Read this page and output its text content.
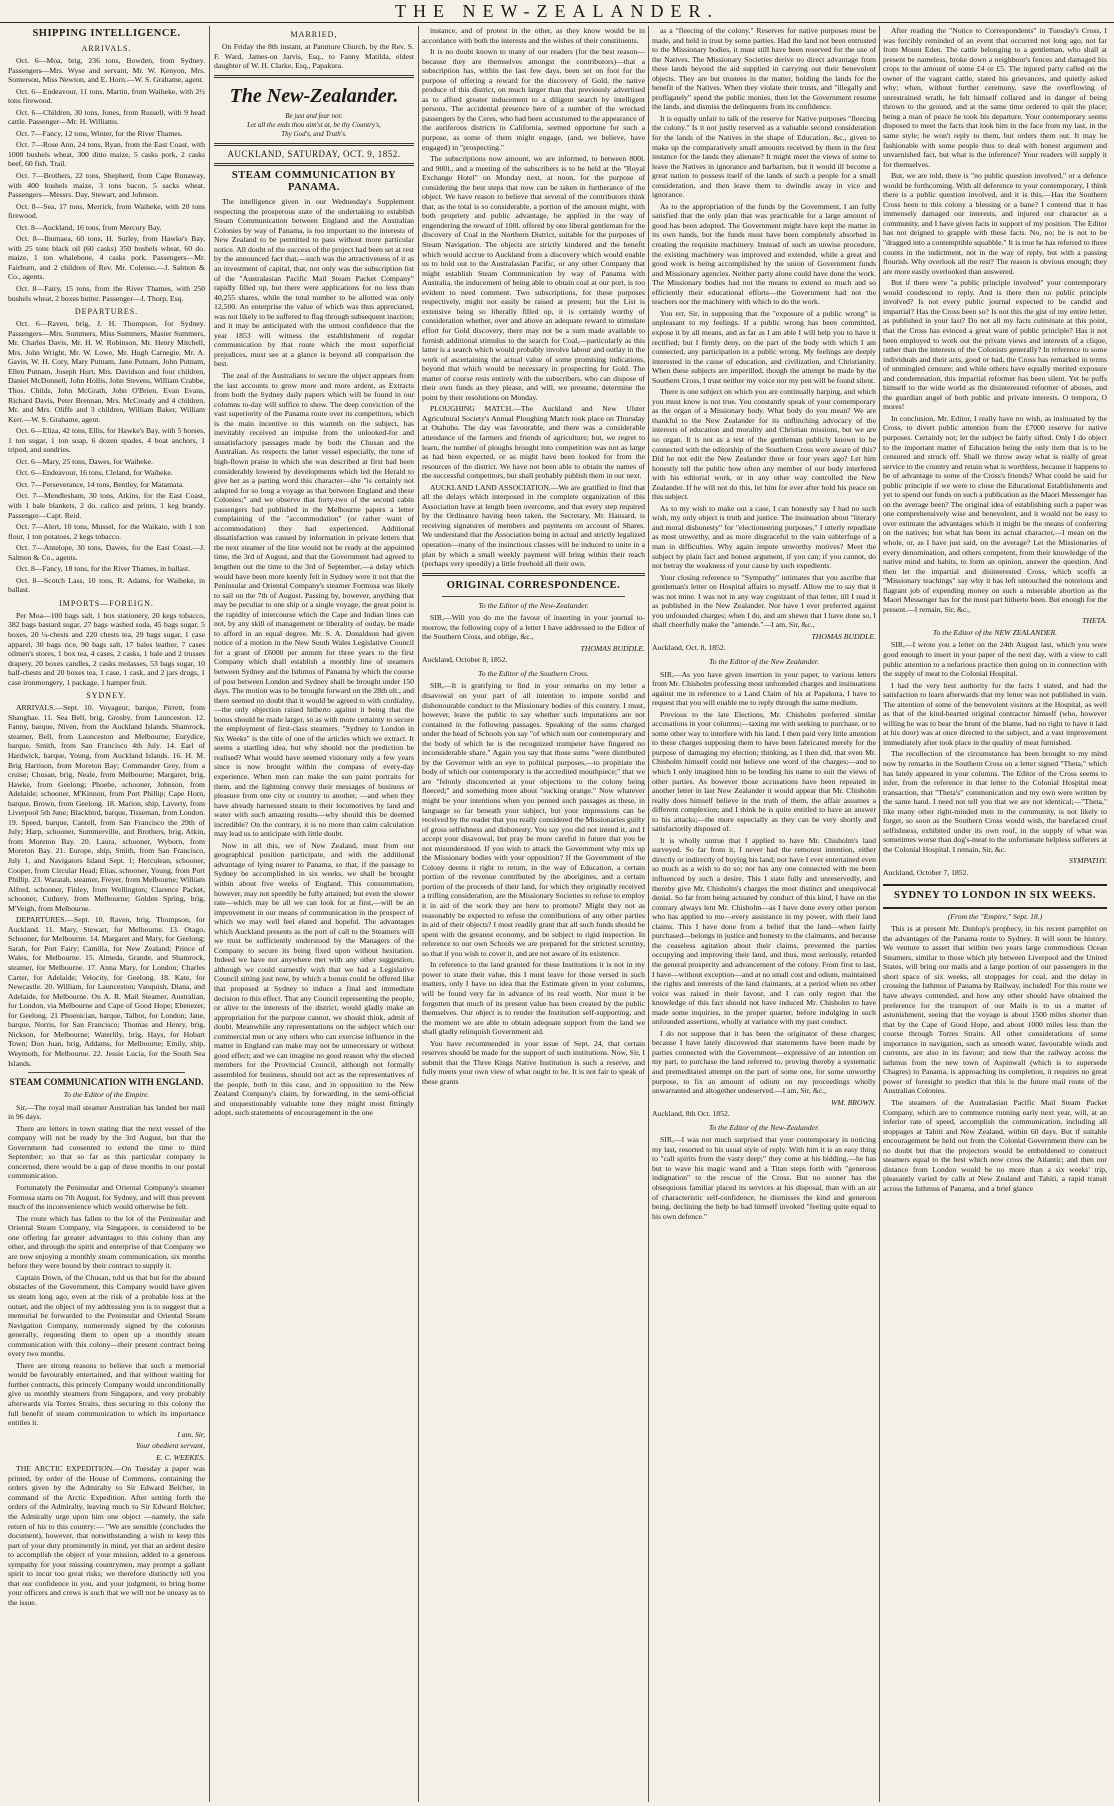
THE NEW-ZEALANDER.
SHIPPING INTELLIGENCE.
ARRIVALS.

Oct. 6—Moa, brig, 236 tons, Bowden, from Sydney. Passengers—Mrs. Wyse and servant, Mr. W. Kenyon, Mrs. Somerson, Miss Newton, and E. Horn.—W. S. Grahame, agent.

Oct. 6—Endeavour, 11 tons, Martin, from Waiheke, with 2½ tons firewood.

Oct. 6—Children, 30 tons, Jones, from Russell, with 9 head cattle. Passenger—Mr. H. Williams.

Oct. 7—Fancy, 12 tons, Winter, for the River Thames.

Oct. 7—Rose Ann, 24 tons, Ryan, from the East Coast, with 1000 bushels wheat, 300 ditto maize, 5 casks pork, 2 casks beef, 60 fish. Trail.

Oct. 7—Brothers, 22 tons, Shepherd, from Cape Runaway, with 400 bushels maize, 3 tons bacon, 5 sacks wheat. Passengers—Messrs. Day, Stewart, and Johnson.

Oct. 8—Sea, 17 tons, Merrick, from Waiheke, with 20 tons firewood.

Oct. 8—Auckland, 16 tons, from Mercury Bay.

Oct. 8—Ihumaea, 60 tons, H. Surley, from Hawke's Bay, with 25 tons black oil (60 casks) 350 bushels wheat, 60 do. maize, 1 ton whalebone, 4 casks pork. Passengers—Mr. Fairburn, and 2 children of Rev. Mr. Colenso.—J. Salmon & Co., agents.

Oct. 8—Fairy, 15 tons, from the River Thames, with 250 bushels wheat, 2 boxes butter. Passenger—J. Thorp, Esq.

DEPARTURES.

Oct. 6—Raven, brig, J. H. Thompson, for Sydney. Passengers—Mrs. Summers, Miss Summers, Master Summers, Mr. Charles Davis, Mr. H. W. Robinson, Mr. Henry Mitchell, Mrs. John Wright, Mr. W. Lowe, Mr. Hugh Carnegie, Mr. A. Gavin, W. H. Cory, Mary Putnam, Jane Putnam, John Putnam, Ellen Putnam, Joseph Hurt, Mrs. Davidson and four children, Daniel McDonnell, John Hollis, John Stevens, William Crabbe, Thos. Childs, John McGrath, John O'Brien, Evan Evans, Richard Davis, Peter Brennan, Mrs. McCready and 4 children, Mr. and Mrs. Oliffe and 3 children, William Baker, William Kerr.—W. S. Grahame, agent.

Oct. 6—Eliza, 42 tons, Ellis, for Hawke's Bay, with 5 horses, 1 ton sugar, 1 ton soap, 6 dozen spades, 4 boat anchors, 1 tripod, and sundries.

Oct. 6—Mary, 25 tons, Dawes, for Waiheke.

Oct. 6—Endeavour, 16 tons, Cleland, for Waiheke.

Oct. 7—Perseverance, 14 tons, Bentley, for Matamata.

Oct. 7—Mendlesham, 30 tons, Atkins, for the East Coast, with 1 bale blankets, 2 do. calico and prints, 1 keg brandy. Passenger—Capt. Reid.

Oct. 7—Alert, 10 tons, Mussel, for the Waikato, with 1 ton flour, 1 ton potatoes, 2 kegs tobacco.

Oct. 7—Antelope, 30 tons, Dawes, for the East Coast.—J. Salmon & Co., agents.

Oct. 8—Fancy, 18 tons, for the River Thames, in ballast.

Oct. 8—Scotch Lass, 10 tons, R. Adams, for Waiheke, in ballast.

IMPORTS—FOREIGN.

Per Moa—100 bags salt, 1 box stationery, 20 kegs tobacco, 382 bags bastard sugar, 27 bags washed soda, 45 bags sugar, 5 boxes, 20 ¼-chests and 220 chests tea, 29 bags sugar, 1 case apparel, 30 bags rice, 90 bags salt, 17 bales leather, 7 cases oilmen's stores, 1 box tea, 4 cases, 2 casks, 1 bale and 2 trusses drapery, 20 boxes candles, 2 casks molasses, 53 bags sugar, 10 half-chests and 20 boxes tea, 1 case, 1 cask, and 2 jars drugs, 1 case ironmongery, 1 package, 1 hamper fruit.

SYDNEY.

ARRIVALS.—Sept. 10. Voyageur, barque, Pirrett, from Shanghae. 11. Sea Bell, brig, Grosby, from Launceston. 12. Fanny, barque, Niven, from the Auckland Islands. Shamrock, steamer, Bell, from Launceston and Melbourne; Eurydice, barque, Smith, from San Francisco 4th July. 14. Earl of Hardwick, barque, Young, from Auckland Islands. 16. H. M. Brig Harrison, from Moreton Bay; Commander Grey, from a cruise; Chusan, brig, Neale, from Melbourne; Margaret, brig, Hawke, from Geelong; Phoebe, schooner, Johnson, from Adelaide; schooner, M'Kinnon, from Port Phillip; Cape Horn, barque, Brown, from Geelong. 18. Marion, ship, Laverty, from Liverpool 5th June; Blackbird, barque, Tisseman, from London. 19. Speed, barque, Cantell, from San Francisco the 29th of July; Harp, schooner, Summerville, and Brothers, brig, Atkin, from Moreton Bay. 20. Laura, schooner, Wyborn, from Moreton Bay. 21. Europe, ship, Smith, from San Francisco, July 1, and Navigators Island Sept. 1; Herculean, schooner, Cooper, from Circular Head; Elias, schooner, Young, from Port Phillip. 23. Waratah, steamer, Freyer, from Melbourne; William Alfred, schooner, Finley, from Wellington; Clarence Packet, schooner, Cuthery, from Melbourne; Golden Spring, brig, M'Veigh, from Melbourne.

DEPARTURES.—Sept. 10. Raven, brig, Thompson, for Auckland. 11. Mary, Stewart, for Melbourne. 13. Otago, Schooner, for Melbourne. 14. Margaret and Mary, for Geelong; Sarah, for Port Fairy; Camilla, for New Zealand; Prince of Wales, for Melbourne. 15. Almeda, Grande, and Shamrock, steamer, for Melbourne. 17. Anna Mary, for London; Charles Carter, for Adelaide; Velocity, for Geelong. 18. Kate, for Newcastle. 20. William, for Launceston; Vanquish, Diana, and Adelaide, for Melbourne. On A. R. Mail Steamer, Australian, for London, via Melbourne and Cape of Good Hope; Ebenezer, for Geelong. 21 Phoenician, barque, Talbot, for London; Jane, barque, Norris, for San Francisco; Thomas and Henry, brig, Nickson, for Melbourne; Waterlily, brig, Hays, for Hobart Town; Don Juan, brig, Addams, for Melbourne; Emily, ship, Weymoth, for Melbourne. 22. Jessie Lucia, for the South Sea Islands.

STEAM COMMUNICATION WITH ENGLAND.
To the Editor of the Empire.

Sir,—The royal mail steamer Australian has landed her mail in 96 days.

There are letters in town stating that the next vessel of the company will not be ready by the 3rd August, but that the Government had consented to extend the time to third September; so that so far as this particular company is concerned, there would be a gap of three months in our postal communication.

Fortunately the Peninsular and Oriental Company's steamer Formosa starts on 7th August, for Sydney, and will thus prevent much of the inconvenience which would otherwise be felt.

The route which has fallen to the lot of the Peninsular and Oriental Steam Company, via Singapore, is considered to be one offering far greater advantages to this colony than any other, and through the spirit and enterprise of that Company we are now enjoying a monthly steam communication, six months before they were bound by their contract to supply it.

Captain Down, of the Chusan, told us that but for the absurd obstacles of the Government, this Company would have given us steam long ago, even at the risk of a probable loss at the outset, and the object of my addressing you is to suggest that a memorial be forwarded to the Peninsular and Oriental Steam Navigation Company, numerously signed by the colonists generally, requesting them to open up a monthly steam communication with this colony—their present contract being every two months.

There are strong reasons to believe that such a memorial would be favourably entertained, and that without waiting for further contracts, this princely Company would unconditionally give us monthly steamers from Singapore, and very probably afterwards via Torres Straits, thus securing to this colony the full benefit of steam communication to which its importance entitles it.

I am, Sir,
Your obedient servant,
E. C. WEEKES.

THE ARCTIC EXPEDITION.—On Tuesday a paper was printed, by order of the House of Commons, containing the orders given by the Admiralty to Sir Edward Belcher, in command of the Arctic Expedition. After setting forth the orders of the Admiralty, leaving much to Sir Edward Belcher, the Admiralty urge upon him one object —namely, the safe return of his to this country:— "We are sensible (concludes the document), however, that notwithstanding a wish to keep this part of your duty prominently in mind, yet that an ardent desire to accomplish the object of your mission, added to a generous sympathy for your missing countrymen, may prompt a gallant spirit to incur too great risks; we therefore distinctly tell you that our confidence in you, and your judgment, to bring home your officers and crews is such that we will not be uneasy as to the issue.

MARRIED,

On Friday the 8th instant, at Panmure Church, by the Rev. S. F. Ward, James-on Jarvis, Esq., to Fanny Matilda, eldest daughter of W. H. Clarke, Esq., Papakura.

The New-Zealander.
Be just and fear not:
Let all the ends thou aim'st at, be thy Country's,
Thy God's, and Truth's.
AUCKLAND, SATURDAY, OCT. 9, 1852.
STEAM COMMUNICATION BY PANAMA.

The intelligence given in our Wednesday's Supplement respecting the prosperous state of the undertaking to establish Steam Communication between England and the Australian Colonies by way of Panama, is too important to the interests of New Zealand to be permitted to pass without more particular notice. All doubt of the success of the project had been set at rest by the announced fact that,—such was the attractiveness of it as an investment of capital, that, not only was the subscription list of the "Australasian Pacific Mail Steam Packet Company" rapidly filled up, but there were applications for no less than 40,255 shares, while the total number to be allotted was only 12,500. An enterprise the value of which was thus appreciated, was not likely to be suffered to flag through subsequent inaction; and it may be anticipated with the utmost confidence that the year 1853 will witness the establishment of regular communication by that route which the most superficial prejudices, must see at a glance is beyond all comparison the best.

The zeal of the Australians to secure the object appears from the last accounts to grow more and more ardent, as Extracts from both the Sydney daily papers which will be found in our columns to-day will suffice to show. The deep conviction of the vast superiority of the Panama route over its competitors, which is the main incentive to this warmth on the subject, has inevitably received an impulse from the unlooked-for and unsatisfactory passages made by both the Chusan and the Australian. As respects the latter vessel especially, the tone of high-flown praise in which she was described at first had been considerably lowered by developments which led the Herald to give her as a parting word this character—she "is certainly not adapted for so long a voyage as that between England and these Colonies;" and we observe that forty-two of the second cabin passengers had published in the Melbourne papers a letter complaining of the "accommodation" (or rather want of accommodation) they had experienced. Additional dissatisfaction was caused by information in private letters that the next steamer of the line would not be ready at the appointed time, the 3rd of August, and that the Government had agreed to lengthen out the time to the 3rd of September,—a delay which would have been more keenly felt in Sydney were it not that the Peninsular and Oriental Company's steamer Formosa was likely to sail on the 7th of August. Passing by, however, anything that may be peculiar to one ship or a single voyage, the great point is the rapidity of intercourse which the Cape and Indian lines can not, by any skill of management or liberality of outlay, be made to afford in an equal degree. Mr. S. A. Donaldson had given notice of a motion in the New South Wales Legislative Council for a grant of £6000 per annum for three years to the first Company which shall establish a monthly line of steamers between Sydney and the Isthmus of Panama by which the course of post between London and Sydney shall be brought under 150 days. The motion was to be brought forward on the 28th ult., and there seemed no doubt that it would be agreed to with cordiality,—the only objection raised hitherto against it being that the bonus should be made larger, so as with more certainty to secure the employment of first-class steamers. "Sydney to London in Six Weeks" is the title of one of the articles which we extract. It seems a startling idea, but why should not the prediction be realised? What would have seemed visionary only a few years since is now brought within the compass of every-day experience. When men can make the sun paint portraits for them, and the lightning convey their messages of business or pleasure from one city or country to another, —and when they have already harnessed steam to their locomotives by land and water with such amazing results—why should this be deemed incredible? On the contrary, it is no more than calm calculation may lead us to anticipate with little doubt.

Now in all this, we of New Zealand, must from our geographical position participate, and with the additional advantage of lying nearer to Panama, so that, if the passage to Sydney be accomplished in six weeks, we shall be brought within about five weeks of England. This consummation, however, may not speedily be fully attained; but even the slower rate—which may be all we can look for at first,—will be an improvement in our means of communication in the prospect of which we may well feel elated and hopeful. The advantages which Auckland presents as the port of call to the Steamers will we trust be sufficiently understood by the Managers of the Company to secure its being fixed upon without hesitation. Indeed we have not anywhere met with any other suggestion, although we could earnestly wish that we had a Legislative Council sitting just now, by which a bonus could be offered like that proposed at Sydney to induce a final and immediate decision to this effect. That any Council representing the people, or alive to the interests of the district, would gladly make an appropriation for the purpose cannot, we should think, admit of doubt. Meanwhile any representations on the subject which our commercial men or any others who can exercise influence in the matter in England can make may not be unnecessary or without good effect; and we can imagine no good reason why the elected members for the Provincial Council, although not formally assembled for business, should not act as the representatives of the people, both in this case, and in opposition to the New Zealand Company's claim, by forwarding, in the semi-official and unquestionably valuable tone they might most fittingly adopt, such statements of encouragement in the one

instance, and of protest in the other, as they know would be in accordance with both the interests and the wishes of their constituents.

It is no doubt known to many of our readers (for the best reason—because they are themselves amongst the contributors)—that a subscription has, within the last few days, been set on foot for the purpose of offering a reward for the discovery of Gold, the native produce of this district, on much larger than that previously advertised as to afford greater inducement to a diligent search by intelligent persons. The accidental presence here of a number of the wrecked passengers by the Ceres, who had been accustomed to the appearance of the auriferous districts in California, seemed opportune for such a purpose, as some of them might engage, (and, we believe, have engaged) in "prospecting."

The subscriptions now amount, we are informed, to between 800l. and 900l., and a meeting of the subscribers is to be held at the "Royal Exchange Hotel" on Monday next, at noon, for the purpose of considering the best steps that now can be taken in furtherance of the object. We have reason to believe that several of the contributors think that, as the total is so considerable, a portion of the amount might, with both propriety and public advantage, be applied in the way of engendering the reward of 100l. offered by one liberal gentleman for the discovery of Coal in the Northern District, suitable for the purposes of Steam Navigation. The objects are strictly kindered and the benefit which would accrue to Auckland from a discovery which would enable us to hold out to the Australasian Pacific, or any other Company that might establish Steam Communication by way of Panama with Australia, the inducement of being able to obtain coal at our port, is too evident to need comment. Two subscriptions, for these purposes respectively, might not easily be raised at present; but the List is extensive being so liberally filled up, it is certainly worthy of consideration whether, over and above an adequate reward to stimulate effort for Gold discovery, there may not be a sum made available to furnish additional stimulus to the search for Coal,—particularly as this latter is a search which would probably involve labour and outlay in the work of ascertaining the actual value of some promising indications, beyond that which would be necessary in prospecting for Gold. The matter of course rests entirely with the subscribers, who can dispose of their own funds as they please, and will, we presume, determine the point by their resolutions on Monday.

PLOUGHING MATCH.—The Auckland and New Ulster Agricultural Society's Annual Ploughing Match took place on Thursday at Otahuhu. The day was favourable, and there was a considerable attendance of the farmers and friends of agriculture; but, we regret to learn, the number of ploughs brought into competition was not as large as had been expected, or as might have been looked for from the resources of the district. We have not been able to obtain the names of the successful competitors, but shall probably publish them in our next.

AUCKLAND LAND ASSOCIATION.—We are gratified to find that all the delays which interposed in the complete organization of this Association have at length been overcome, and that every step required by the Ordinance having been taken, the Secretary, Mr. Hansard, is receiving signatures of members and payments on account of Shares. We understand that the Association being in actual and strictly legalized operation—many of the insinctious classes will be induced to unite in a plan by which a small weekly payment will bring within their reach (perhaps very speedily) a little freehold all their own.

ORIGINAL CORRESPONDENCE.
To the Editor of the New-Zealander.

SIR,—Will you do me the favour of inserting in your journal to-morrow, the following copy of a letter I have addressed to the Editor of the Southern Cross, and oblige, &c.,

THOMAS BUDDLE.
Auckland, October 8, 1852.
To the Editor of the Southern Cross.

SIR,—It is gratifying to find in your remarks on my letter a disavowal on your part of all intention to impute sordid and dishonourable conduct to the Missionary bodies of this country. I must, however, leave the public to say whether such imputations are not contained in the following passages. Speaking of the sums charged under the head of Schools you say "of which sum our contemporary and the body of which he is the recognized trumpeter have fingered no inconsiderable share." Again you say that those sums "were distributed by the Governor with an eye to political purposes,—to propitiate the body of which our contemporary is the accredited mouthpiece;" that we are "felonly disconcerted at your objections to the colony being fleeced;" and something more about "sucking orange." Now whatever might be your intentions when you penned such passages as these, in language so far beneath your subject, but your impressions can be received by the reader that you really considered the Missionaries guilty of gross selfishness and dishonesty. You say you did not intend it, and I accept your disavowal, but pray be more careful in future that you be not misunderstood. If you wish to attack the Government why mix up the Missionary bodies with your opposition? If the Government of the Colony deems it right to return, in the way of Education, a certain portion of the revenue contributed by the aborigines, and a certain portion of the proceeds of their land, for which they originally received a trifling consideration, are the Missionary Societies to refuse to employ it in aid of the work they are here to promote? Might they not as reasonably be expected to refuse the contributions of any other parties in aid of their objects? I most readily grant that all such funds should be spent with the greatest economy, and be subject to rigid inspection. In reference to our own Schools we are prepared for the strictest scrutiny, so that if you wish to cover it, and are not aware of its existence.

In reference to the land granted for these Institutions it is not in my power to state their value, this I must leave for those versed in such matters, only I have no idea that the Estimate given in your columns, will be found very far in advance of its real worth. Nor must it be forgotten that much of its present value has been created by the public themselves. Our object is to render the Institution self-supporting, and the moment we are able to obtain adequate support from the land we shall gladly relinquish Government aid.

You have recommended in your issue of Sept. 24, that certain reserves should be made for the support of such institutions. Now, Sir, I submit that the Three Kings Native Institution is such a reserve, and fully meets your own view of what ought to be. It is not fair to speak of these grants

as a "fleecing of the colony." Reserves for native purposes must be made, and held in trust by some parties. Had the land not been entrusted to the Missionary bodies, it must still have been reserved for the use of the Natives. The Missionary Societies derive no direct advantage from these lands beyond the aid supplied in carrying out their benevolent objects. They are but trustees in the matter, holding the lands for the benefit of the Natives. When they violate their trusts, and "illegally and profligately" spend the public monies, then let the Government resume the lands, and dismiss the delinquents from its confidence.

It is equally unfair to talk of the reserve for Native purposes "fleecing the colony." Is it not justly reserved as a valuable second consideration for the lands of the Natives in the shape of Education, &c., given to make up the comparatively small amounts received by them in the first instance for the lands they alienate? It might meet the views of some to leave the Natives in ignorance and barbarism, but it would ill become a great nation to possess itself of the lands of such a people for a small consideration, and then leave them to dwindle away in vice and ignorance.

As to the appropriation of the funds by the Government, I am fully satisfied that the only plan that was practicable for a large amount of good has been adopted. The Government might have kept the matter in its own hands, but the funds must have been completely absorbed in creating the requisite machinery. Instead of such an unwise procedure, the existing machinery was improved and extended, while a great and good work is being accomplished by the union of Government funds and Missionary agencies. Neither party alone could have done the work. The Missionary bodies had not the means to extend so much and so efficiently their educational efforts—the Government had not the teachers nor the machinery with which to do the work.

You err, Sir, in supposing that the "exposure of a public wrong" is unpleasant to my feelings. If a public wrong has been committed, expose it by all means, and as far as I am able I will help you to have it rectified; but I firmly deny, on the part of the body with which I am connected, any participation in a public wrong. My feelings are deeply interested in the cause of education, and civilization, and Christianity. When these subjects are imperilled, though the attempt be made by the Southern Cross, I trust neither my voice nor my pen will be found silent.

There is one subject on which you are continually harping, and which you must know is not true. You constantly speak of your contemporary as the organ of a Missionary body. What body do you mean? We are thankful to the New Zealander for its unflinching advocacy of the interests of education and morality and Christian missions, but we are no organ. It is not as a test of the gentleman publicly known to be connected with the editorship of the Southern Cross were aware of this? Did he not edit the New Zealander three or four years ago? Let him honestly tell the public how often any member of our body interfered with his editorial work, or in any other way controlled the New Zealander. If he will not do this, let him for ever after hold his peace on this subject.

As to my wish to make out a case, I can honestly say I had no such wish, my only object is truth and justice. The insinuation about "literary and moral dishonesty" for "electioneering purposes," I utterly repudiate as most unworthy, and as more disgraceful to the vain subterfuge of a man in difficulties. Why again impute unworthy motives? Meet the subject by plain fact and honest argument, if you can; if you cannot, do not betray the weakness of your cause by such expedients.

Your closing reference to "Sympathy" intimates that you ascribe that gentleman's letter on Hospital affairs to myself. Allow me to say that it was not mine. I was not in any way cognizant of that letter, till I read it as published in the New Zealander. Nor have I ever preferred against you unfounded charges; when I do, and am shewn that I have done so, I shall cheerfully make the "amende."—I am, Sir, &c.,

THOMAS BUDDLE.
Auckland, Oct. 8, 1852.
To the Editor of the New Zealander.

SIR,—As you have given insertion in your paper, to various letters from Mr. Chisholm professing most unfounded charges and insinuations against me in reference to a Land Claim of his at Papakura, I have to request that you will enable me to reply through the same medium.

Previous to the late Elections, Mr. Chisholm preferred similar accusations in your columns;—taxing me with seeking to purchase, or to some other way to interfere with his land. I then paid very little attention to these charges supposing them to have been fabricated merely for the purpose of damaging my election; thinking, as I then did, that even Mr. Chisholm himself could not believe one word of the charges;—and to which I only imagined him to be lending his name to suit the views of other parties. As however those accusations have been repeated in another letter in last New Zealander it would appear that Mr. Chisholm really does himself believe in the truth of them, the affair assumes a different complexion; and I think he is quite entitled to have an answer to his attacks;—the more especially as they can be very shortly and satisfactorily disposed of.

It is wholly untrue that I applied to have Mr. Chisholm's land surveyed. So far from it, I never had the remotest intention, either directly or indirectly of buying his land; nor have I ever entertained even so much as a wish to do so; nor has any one connected with me been influenced by such a desire. This I state fully and unreservedly, and thereby give Mr. Chisholm's charges the most distinct and unequivocal denial. So far from being actuated by conduct of this kind, I have on the contrary always lent Mr. Chisholm—as I have done every other person who has applied to me—every assistance in my power, with their land claims. This I have done from a belief that the land—when fairly purchased—belongs in justice and honesty to the claimants, and because the ceaseless agitation about their claims, prevented the parties occupying and improving their land, and thus, most seriously, retarded the general prosperity and advancement of the colony. From first to last, I have—without exception—and at no small cost and odium, maintained the rights and interests of the land claimants, at a period when no other voice was raised in their favour, and I can only regret that the knowledge of this fact should not have induced Mr. Chisholm to have made some inquiries, in the proper quarter, before indulging in such unfounded assertions, wholly at variance with my past conduct.

I do not suppose that it has been the originator of these charges; because I have lately discovered that statements have been made by parties connected with the Government—expressive of an intention on my part, to purchase the land referred to, proving thereby a systematic and premeditated attempt on the part of some one, for some unworthy purpose, to fix an amount of odium on my proceedings wholly unwarranted and altogether undeserved.—I am, Sir, &c.,

WM. BROWN.
Auckland, 8th Oct. 1852.
To the Editor of the New-Zealander.

SIR,—I was not much surprised that your contemporary in noticing my last, resorted to his usual style of reply. With him it is an easy thing to "call spirits from the vasty deep;" they come at his bidding,—he has but to wave his magic wand and a Titan steps forth with "generous indignation" to the rescue of the Cross. But no sooner has the obsequious familiar placed its services at his disposal, than with an air of characteristic self-confidence, he dismisses the kind and generous being, declining the help he had himself invoked "feeling quite equal to his own defence."

After reading the "Notice to Correspondents" in Tuesday's Cross, I was forcibly reminded of an event that occurred not long ago, not far from Mount Eden. The cattle belonging to a gentleman, who shall at present be nameless, broke down a neighbour's fences and damaged his crops to the amount of some £4 or £5. The injured party called on the owner of the vagrant cattle, stated his grievances, and quietly asked why; when, without further ceremony, save the overflowing of unrestrained wrath, he felt himself collared and in danger of being thrown to the ground, and at the same time ordered to quit the place; being a man of peace he took his departure. Your contemporary seems disposed to meet the facts that look him in the face from my last, in the same style; he won't reply to them, but orders them out. It may be fashionable with some people thus to deal with honest argument and unvarnished fact, but what is the inference? Your readers will supply it for themselves.

But, we are told, there is "no public question involved," or a defence would be forthcoming. With all deference to your contemporary, I think there is a public question involved, and it is this,—Has the Southern Cross been to this colony a blessing or a bane? I contend that it has immensely damaged our interests, and injured our character as a community, and I have given facts in support of my position. The Editor has not deigned to grapple with these facts. No, no; he is not to be "dragged into a contemptible squabble." It is true he has referred to three counts in the indictment, not in the way of reply, but with a passing flourish. Why overlook all the rest? The reason is obvious enough; they are more easily overlooked than answered.

But if there were "a public principle involved" your contemporary would condescend to reply. And is there then no public principle involved? Is not every public journal expected to be candid and impartial? Has the Cross been so? Is not this the gist of my entire letter, as published in your last? Do not all my facts culminate at this point, that the Cross has evinced a great want of public principle? Has it not been employed to work out the private views and interests of a clique, rather than the interests of the Colonists generally? In reference to some individuals and their acts, good or bad, the Cross has remarked in terms of unmingled censure; and while others have equally merited exposure and condemnation, this impartial reformer has been silent. Yet he puffs himself to the wide world as the disinterested reformer of abuses, and the guardian angel of both public and private interests. O tempora, O mores!

In conclusion, Mr. Editor, I really have no wish, as insinuated by the Cross, to divert public attention from the £7000 reserve for native purposes. Certainly not; let the subject be fairly sifted. Only I do object to the important matter of Education being the only item that is to be censured and struck off. Shall we throw away what is really of great service to the country and retain what is worthless, because it happens to be of advantage to some of the Cross's friends? What could be said for public principle if we were to close the Educational Establishments and yet to spend our funds on such a publication as the Maori Messenger has on the average been? The original idea of establishing such a paper was one comprehensively wise and benevolent, and it would not be easy to over estimate the advantages which it might be the means of conferring on the natives; but what has been its actual character,—I mean on the whole, or, as I have just said, on the average? Let the Missionaries of every denomination, and others competent, from their knowledge of the native mind and habits, to form an opinion, answer the question. And then let the impartial and disinterested Cross, which scoffs at "Missionary teachings" say why it has left untouched the notorious and flagrant job of expending money on such a miserable abortion as the Maori Messenger has for the most part hitherto been. But enough for the present.—I remain, Sir, &c.,

THETA.
To the Editor of the NEW ZEALANDER.

SIR,—I wrote you a letter on the 24th August last, which you were good enough to insert in your paper of the next day, with a view to call public attention to a nefarious practice then going on in connection with the supply of meat to the Colonial Hospital.

I had the very best authority for the facts I stated, and had the satisfaction to learn afterwards that my letter was not published in vain. The attention of some of the benevolent visitors at the Hospital, as well as that of the kind-hearted original contractor himself (who, however willing he was to bear the brunt of the blame, had no right to have it laid at his door) was at once directed to the subject, and a vast improvement immediately after took place in the quality of meat furnished.

The recollection of the circumstance has been brought to my mind now by remarks in the Southern Cross on a letter signed "Theta," which has lately appeared in your columns. The Editor of the Cross seems to infer, from the reference in that letter to the Colonial Hospital meat transaction, that "Theta's" communication and my own were written by the same hand. I need not tell you that we are not identical;—"Theta," like many other right-minded men in the community, is not likely to forget, so soon as the Southern Cross would wish, the barefaced cruel selfishness, exhibited under its own roof, in the supply of what was sometimes worse than dog's-meat to the unfortunate helpless sufferers at the Colonial Hospital. I remain, Sir, &c.

SYMPATHY.
Auckland, October 7, 1852.
SYDNEY TO LONDON IN SIX WEEKS.
(From the "Empire," Sept. 18.)

This is at present Mr. Dunlop's prophecy, in his recent pamphlet on the advantages of the Panama route to Sydney. It will soon be history. We venture to assert that within two years large commodious Ocean Steamers, similar to those which ply between Liverpool and the United States, will bring our mails and a large portion of our passengers in the short space of six weeks, all stoppages for coal, and the delay in crossing the Isthmus of Panama by Railway, included! For this route we have always contended, and how any other should have obtained the preference for the transport of our Mails is to us a matter of astonishment, seeing that the voyage is about 1500 miles shorter than that by the Cape of Good Hope, and about 1000 miles less than the course through Torres Straits. All other considerations of some importance in navigation, such as smooth water, favourable winds and currents, are also in its favour; and now that the railway across the isthmus from the new town of Aspinwall (which is to supersede Chagres) to Panama, is approaching its completion, it requires no great power of foresight to predict that this is the future mail route of the Australian Colonies.

The steamers of the Australasian Pacific Mail Steam Packet Company, which are to commence running early next year, will, at an inferior rate of speed, accomplish the communication, including all stoppages at Tahiti and New Zealand, within 60 days. But if suitable encouragement be held out from the Colonial Government there can be no doubt but that the projectors would be emboldened to construct steamers equal to the best which now cross the Atlantic; and then our distance from London would be no more than a six weeks' trip, pleasantly varied by calls at New Zealand and Tahiti, a rapid transit across the Isthmus of Panama, and a brief glance
